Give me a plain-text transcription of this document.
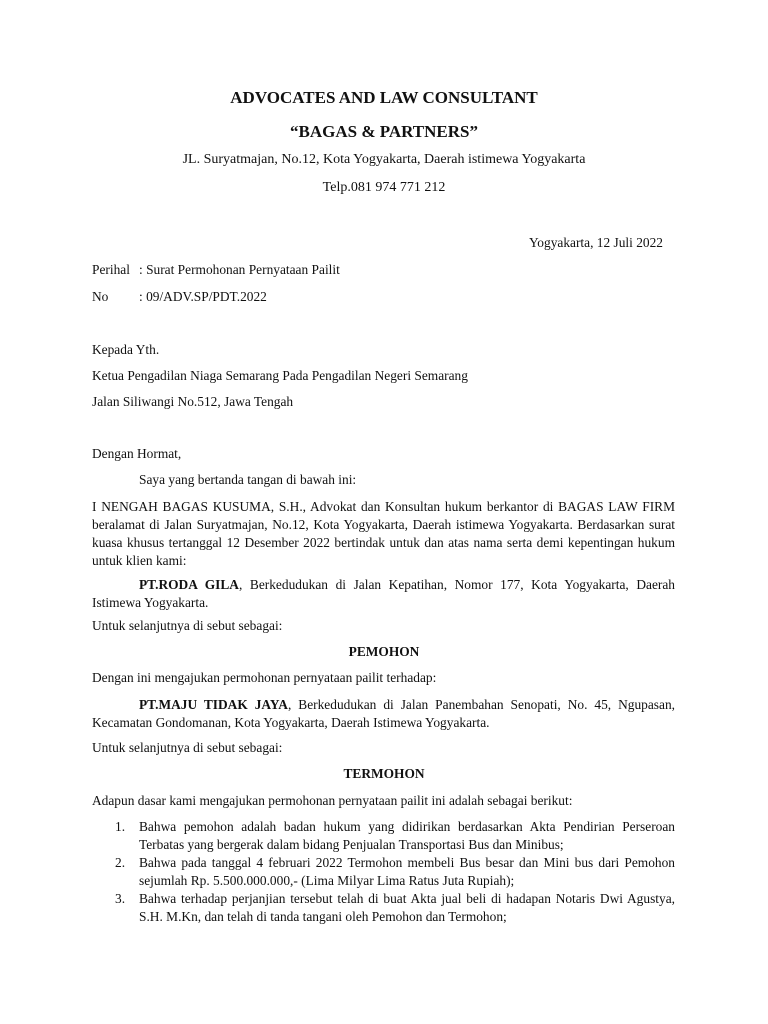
ADVOCATES AND LAW CONSULTANT
“BAGAS & PARTNERS”
JL. Suryatmajan, No.12, Kota Yogyakarta, Daerah istimewa Yogyakarta
Telp.081 974 771 212
Yogyakarta, 12 Juli 2022
Perihal : Surat Permohonan Pernyataan Pailit
No : 09/ADV.SP/PDT.2022
Kepada Yth.
Ketua Pengadilan Niaga Semarang Pada Pengadilan Negeri Semarang
Jalan Siliwangi No.512, Jawa Tengah
Dengan Hormat,
Saya yang bertanda tangan di bawah ini:
I NENGAH BAGAS KUSUMA, S.H., Advokat dan Konsultan hukum berkantor di BAGAS LAW FIRM beralamat di Jalan Suryatmajan, No.12, Kota Yogyakarta, Daerah istimewa Yogyakarta. Berdasarkan surat kuasa khusus tertanggal 12 Desember 2022 bertindak untuk dan atas nama serta demi kepentingan hukum untuk klien kami:
PT.RODA GILA, Berkedudukan di Jalan Kepatihan, Nomor 177, Kota Yogyakarta, Daerah Istimewa Yogyakarta.
Untuk selanjutnya di sebut sebagai:
PEMOHON
Dengan ini mengajukan permohonan pernyataan pailit terhadap:
PT.MAJU TIDAK JAYA, Berkedudukan di Jalan Panembahan Senopati, No. 45, Ngupasan, Kecamatan Gondomanan, Kota Yogyakarta, Daerah Istimewa Yogyakarta.
Untuk selanjutnya di sebut sebagai:
TERMOHON
Adapun dasar kami mengajukan permohonan pernyataan pailit ini adalah sebagai berikut:
1. Bahwa pemohon adalah badan hukum yang didirikan berdasarkan Akta Pendirian Perseroan Terbatas yang bergerak dalam bidang Penjualan Transportasi Bus dan Minibus;
2. Bahwa pada tanggal 4 februari 2022 Termohon membeli Bus besar dan Mini bus dari Pemohon sejumlah Rp. 5.500.000.000,- (Lima Milyar Lima Ratus Juta Rupiah);
3. Bahwa terhadap perjanjian tersebut telah di buat Akta jual beli di hadapan Notaris Dwi Agustya, S.H. M.Kn, dan telah di tanda tangani oleh Pemohon dan Termohon;
